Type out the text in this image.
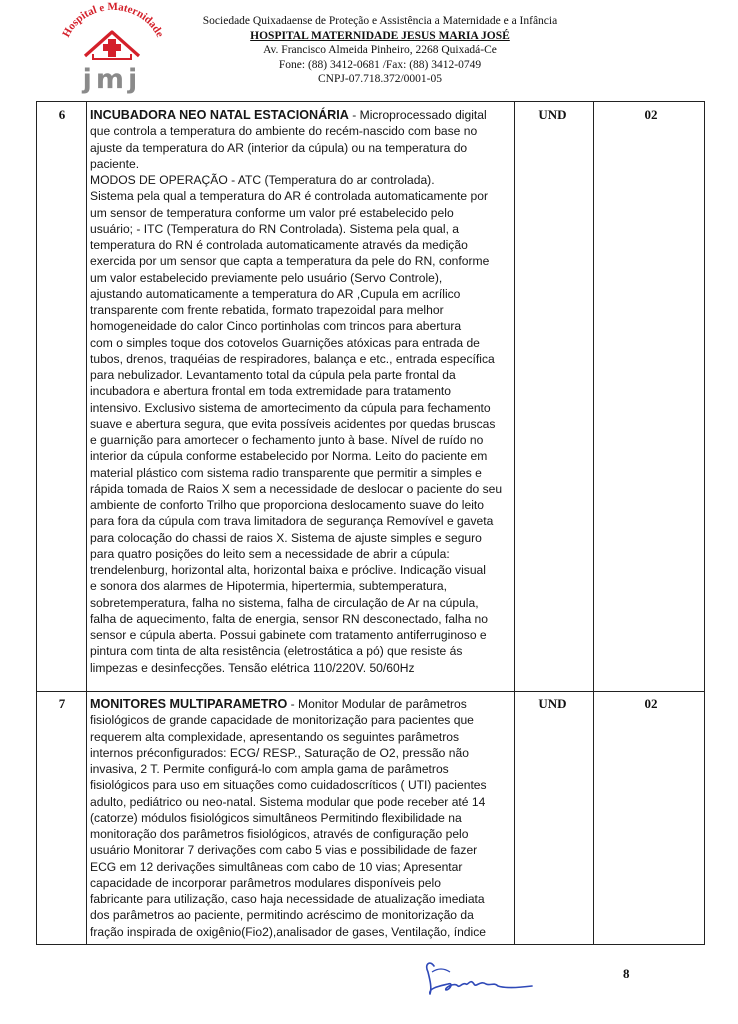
Hospital e Maternidade
jmj
Sociedade Quixadaense de Proteção e Assistência a Maternidade e a Infância
HOSPITAL MATERNIDADE JESUS MARIA JOSÉ
Av. Francisco Almeida Pinheiro, 2268 Quixadá-Ce
Fone: (88) 3412-0681 /Fax: (88) 3412-0749
CNPJ-07.718.372/0001-05
6	INCUBADORA NEO NATAL ESTACIONÁRIA - Microprocessado digital
que controla a temperatura do ambiente do recém-nascido com base no
ajuste da temperatura do AR (interior da cúpula) ou na temperatura do
paciente.
MODOS DE OPERAÇÃO - ATC (Temperatura do ar controlada).
Sistema pela qual a temperatura do AR é controlada automaticamente por
um sensor de temperatura conforme um valor pré estabelecido pelo
usuário; - ITC (Temperatura do RN Controlada). Sistema pela qual, a
temperatura do RN é controlada automaticamente através da medição
exercida por um sensor que capta a temperatura da pele do RN, conforme
um valor estabelecido previamente pelo usuário (Servo Controle),
ajustando automaticamente a temperatura do AR ,Cupula em acrílico
transparente com frente rebatida, formato trapezoidal para melhor
homogeneidade do calor Cinco portinholas com trincos para abertura
com o simples toque dos cotovelos Guarnições atóxicas para entrada de
tubos, drenos, traquéias de respiradores, balança e etc., entrada específica
para nebulizador. Levantamento total da cúpula pela parte frontal da
incubadora e abertura frontal em toda extremidade para tratamento
intensivo. Exclusivo sistema de amortecimento da cúpula para fechamento
suave e abertura segura, que evita possíveis acidentes por quedas bruscas
e guarnição para amortecer o fechamento junto à base. Nível de ruído no
interior da cúpula conforme estabelecido por Norma. Leito do paciente em
material plástico com sistema radio transparente que permitir a simples e
rápida tomada de Raios X sem a necessidade de deslocar o paciente do seu
ambiente de conforto Trilho que proporciona deslocamento suave do leito
para fora da cúpula com trava limitadora de segurança Removível e gaveta
para colocação do chassi de raios X. Sistema de ajuste simples e seguro
para quatro posições do leito sem a necessidade de abrir a cúpula:
trendelenburg, horizontal alta, horizontal baixa e próclive. Indicação visual
e sonora dos alarmes de Hipotermia, hipertermia, subtemperatura,
sobretemperatura, falha no sistema, falha de circulação de Ar na cúpula,
falha de aquecimento, falta de energia, sensor RN desconectado, falha no
sensor e cúpula aberta. Possui gabinete com tratamento antiferruginoso e
pintura com tinta de alta resistência (eletrostática a pó) que resiste ás
limpezas e desinfecções. Tensão elétrica 110/220V. 50/60Hz
UND	02
7	MONITORES MULTIPARAMETRO - Monitor Modular de parâmetros
fisiológicos de grande capacidade de monitorização para pacientes que
requerem alta complexidade, apresentando os seguintes parâmetros
internos préconfigurados: ECG/ RESP., Saturação de O2, pressão não
invasiva, 2 T. Permite configurá-lo com ampla gama de parâmetros
fisiológicos para uso em situações como cuidadoscríticos ( UTI) pacientes
adulto, pediátrico ou neo-natal. Sistema modular que pode receber até 14
(catorze) módulos fisiológicos simultâneos Permitindo flexibilidade na
monitoração dos parâmetros fisiológicos, através de configuração pelo
usuário Monitorar 7 derivações com cabo 5 vias e possibilidade de fazer
ECG em 12 derivações simultâneas com cabo de 10 vias; Apresentar
capacidade de incorporar parâmetros modulares disponíveis pelo
fabricante para utilização, caso haja necessidade de atualização imediata
dos parâmetros ao paciente, permitindo acréscimo de monitorização da
fração inspirada de oxigênio(Fio2),analisador de gases, Ventilação, índice
UND	02
8
